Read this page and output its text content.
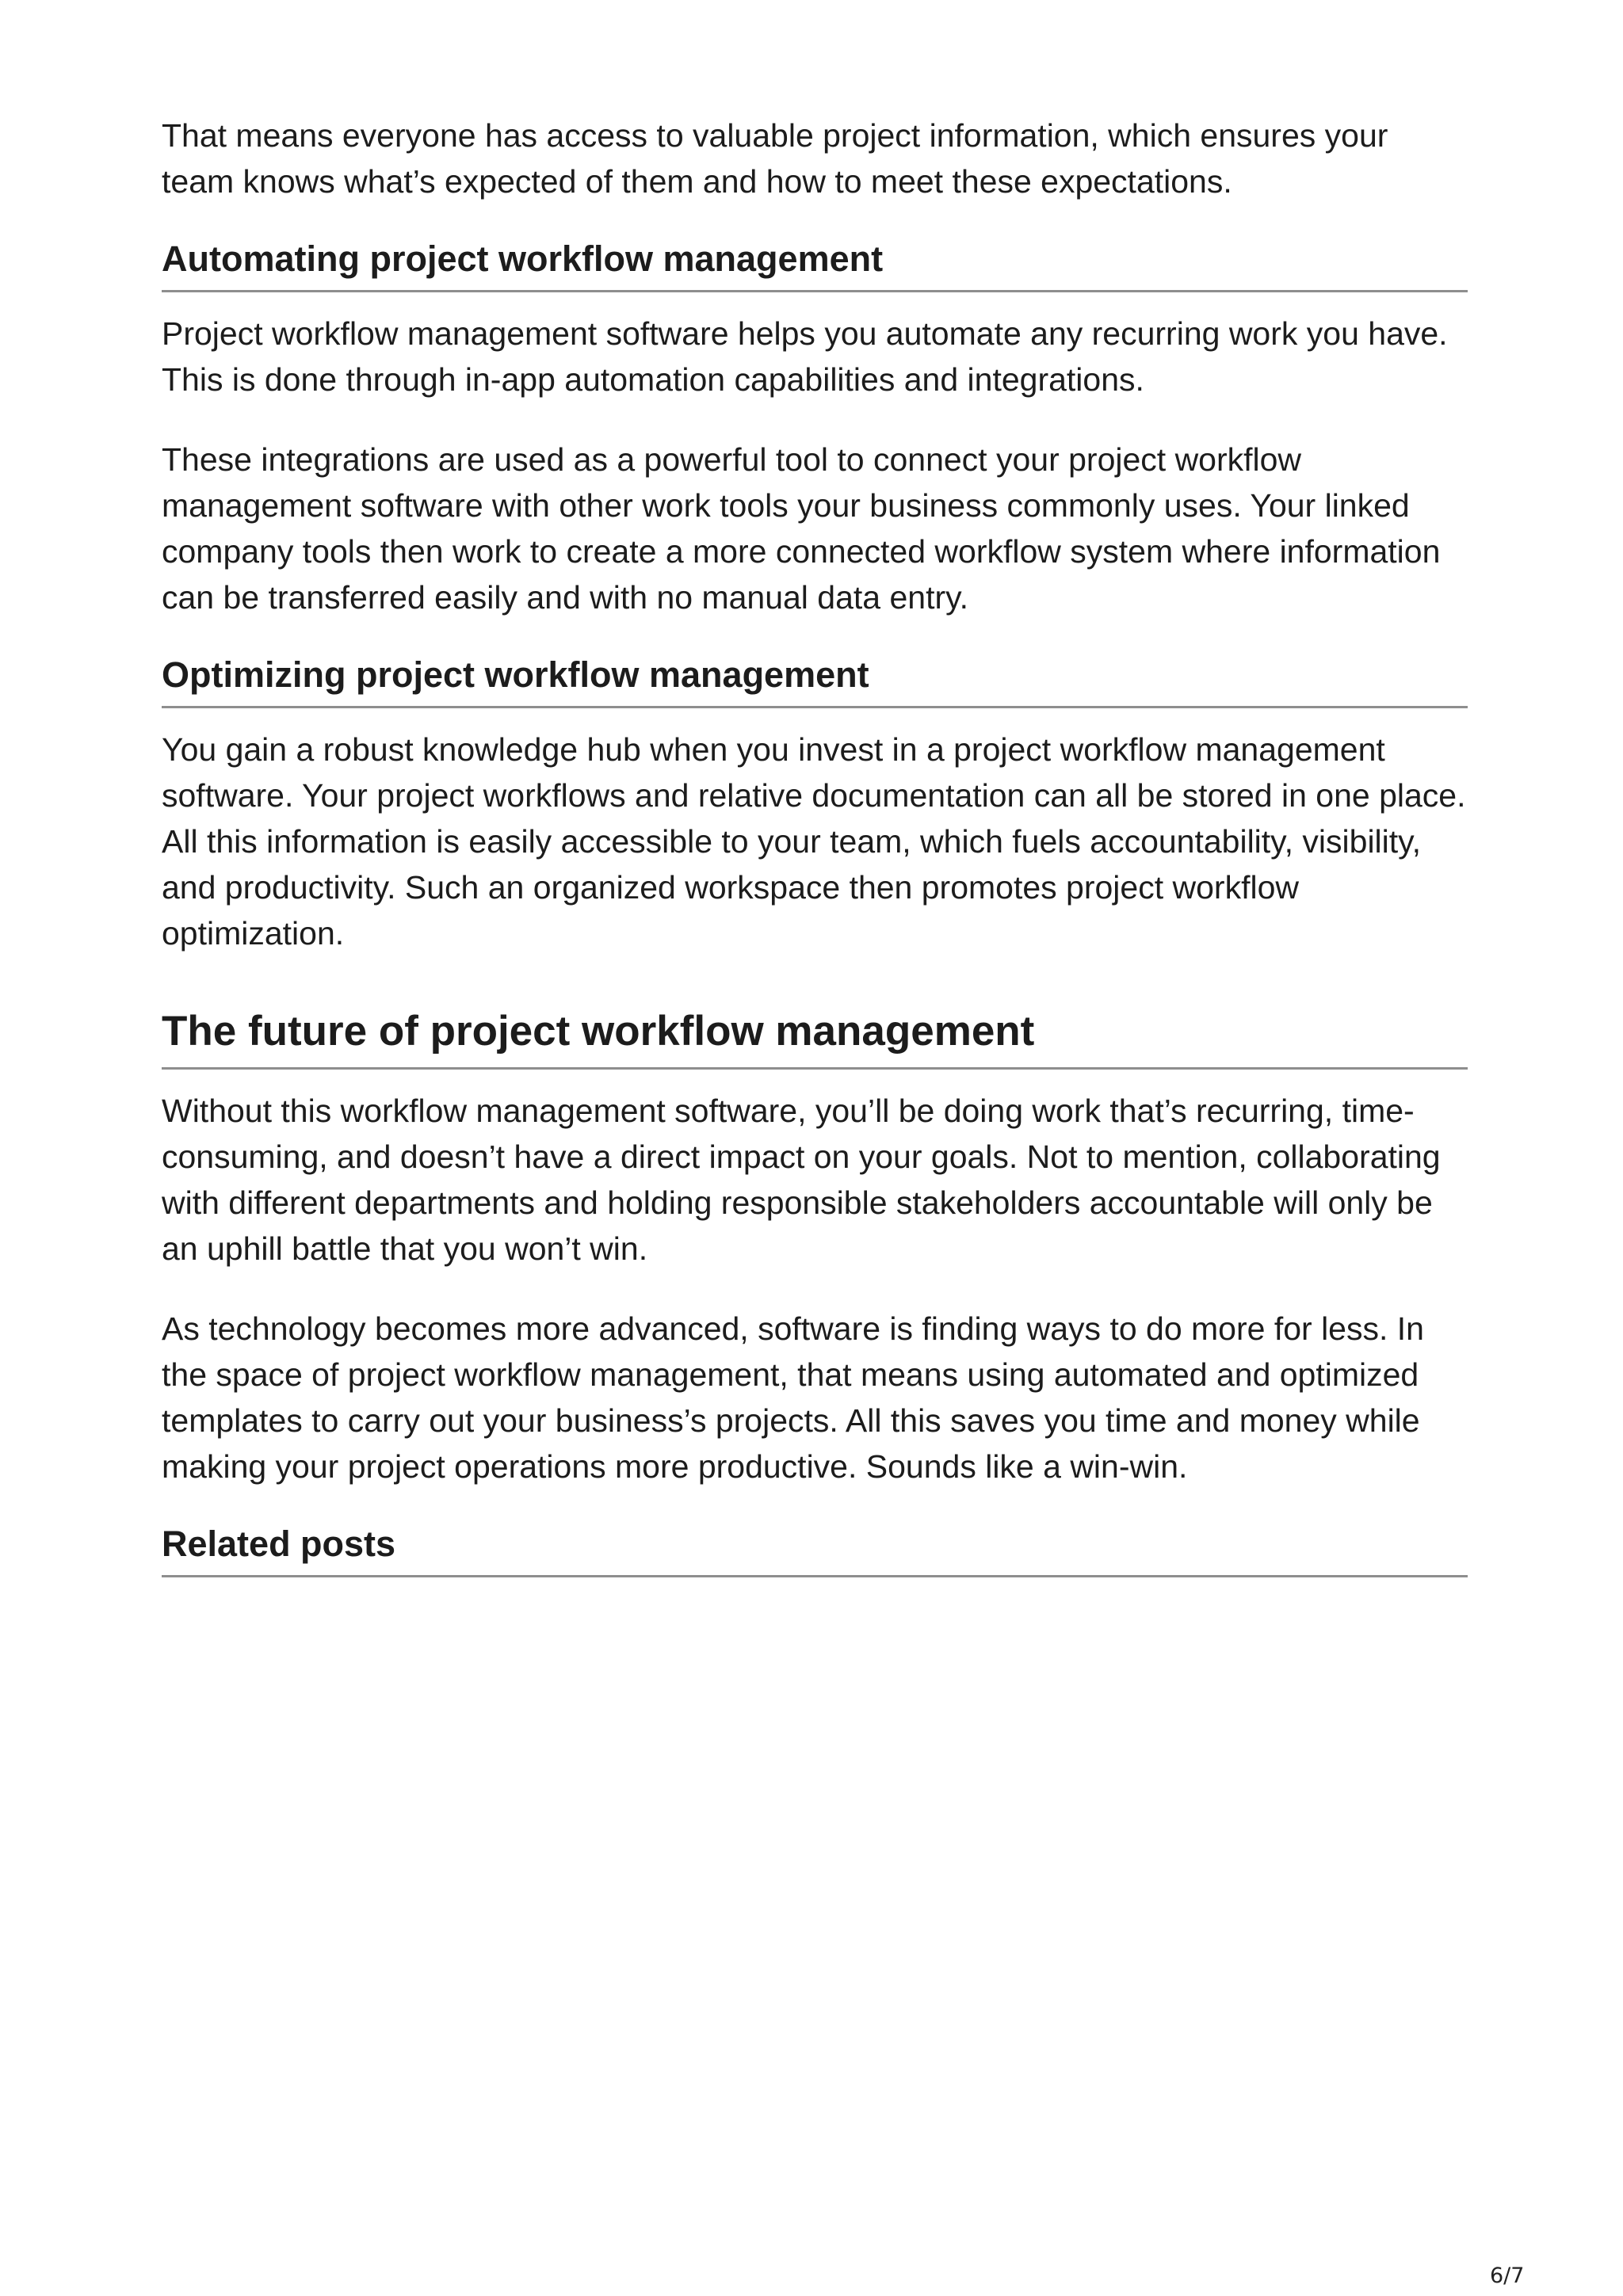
That means everyone has access to valuable project information, which ensures your team knows what’s expected of them and how to meet these expectations.

Automating project workflow management

Project workflow management software helps you automate any recurring work you have. This is done through in-app automation capabilities and integrations.

These integrations are used as a powerful tool to connect your project workflow management software with other work tools your business commonly uses. Your linked company tools then work to create a more connected workflow system where information can be transferred easily and with no manual data entry.

Optimizing project workflow management

You gain a robust knowledge hub when you invest in a project workflow management software. Your project workflows and relative documentation can all be stored in one place. All this information is easily accessible to your team, which fuels accountability, visibility, and productivity. Such an organized workspace then promotes project workflow optimization.

The future of project workflow management

Without this workflow management software, you’ll be doing work that’s recurring, time-consuming, and doesn’t have a direct impact on your goals. Not to mention, collaborating with different departments and holding responsible stakeholders accountable will only be an uphill battle that you won’t win.

As technology becomes more advanced, software is finding ways to do more for less. In the space of project workflow management, that means using automated and optimized templates to carry out your business’s projects. All this saves you time and money while making your project operations more productive. Sounds like a win-win.

Related posts
6/7
